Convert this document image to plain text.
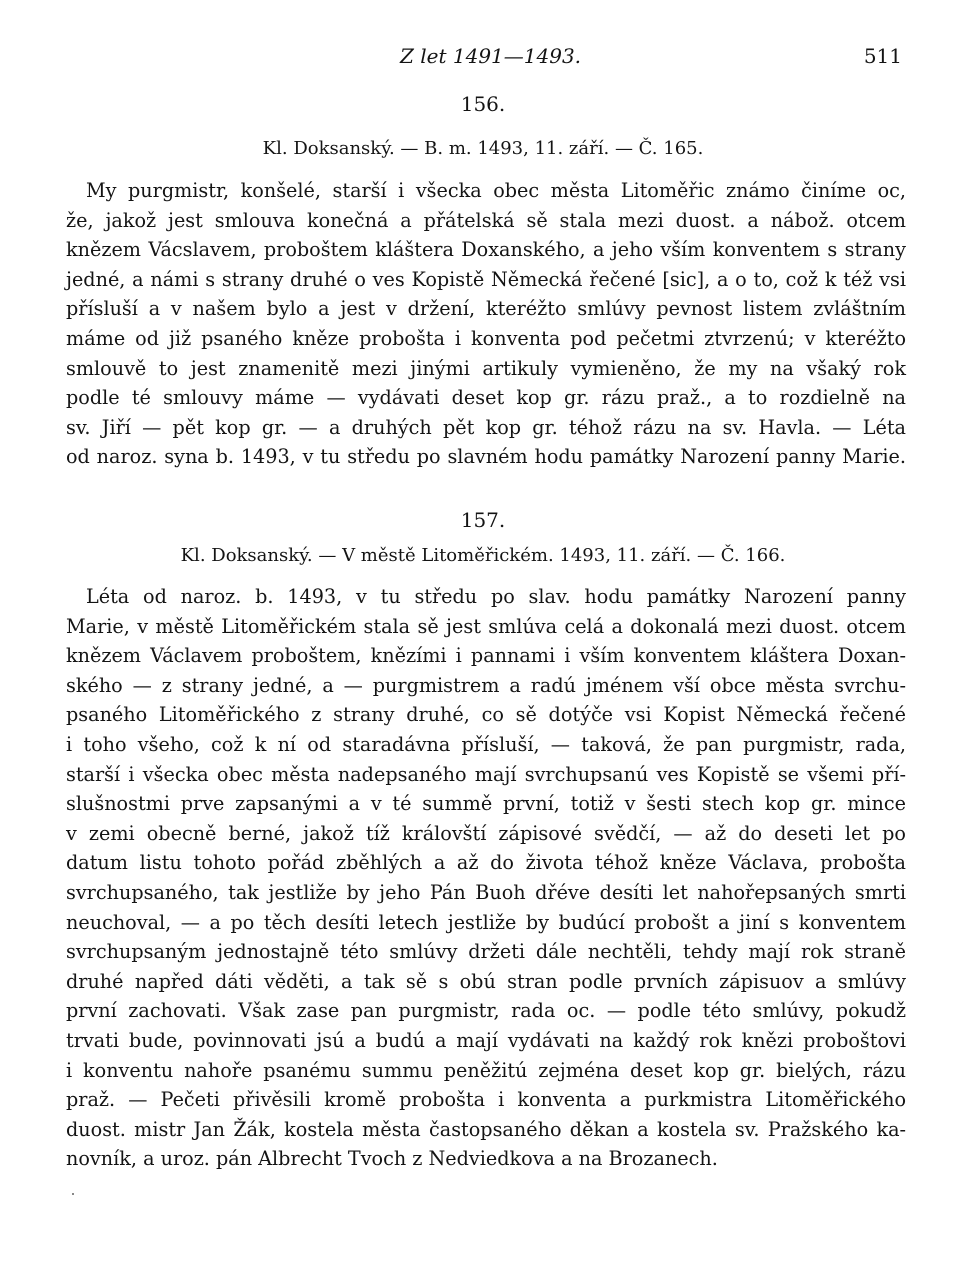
Z let 1491—1493.	511
156.
Kl. Doksanský. — B. m. 1493, 11. září. — Č. 165.
My purgmistr, konšelé, starší i všecka obec města Litoměřic známo činíme oc,
že, jakož jest smlouva konečná a přátelská sě stala mezi duost. a nábož. otcem
knězem Vácslavem, proboštem kláštera Doxanského, a jeho vším konventem s strany
jedné, a námi s strany druhé o ves Kopistě Německá řečené [sic], a o to, což k též vsi
přísluší a v našem bylo a jest v držení, kteréžto smlúvy pevnost listem zvláštním
máme od již psaného kněze probošta i konventa pod pečetmi ztvrzenú; v kteréžto
smlouvě to jest znamenitě mezi jinými artikuly vymieněno, že my na všaký rok
podle té smlouvy máme — vydávati deset kop gr. rázu praž., a to rozdielně na
sv. Jiří — pět kop gr. — a druhých pět kop gr. téhož rázu na sv. Havla. — Léta
od naroz. syna b. 1493, v tu středu po slavném hodu památky Narození panny Marie.
157.
Kl. Doksanský. — V městě Litoměřickém. 1493, 11. září. — Č. 166.
Léta od naroz. b. 1493, v tu středu po slav. hodu památky Narození panny
Marie, v městě Litoměřickém stala sě jest smlúva celá a dokonalá mezi duost. otcem
knězem Václavem proboštem, knězími i pannami i vším konventem kláštera Doxan-
ského — z strany jedné, a — purgmistrem a radú jménem vší obce města svrchu-
psaného Litoměřického z strany druhé, co sě dotýče vsi Kopist Německá řečené
i toho všeho, což k ní od staradávna přísluší, — taková, že pan purgmistr, rada,
starší i všecka obec města nadepsaného mají svrchupsanú ves Kopistě se všemi pří-
slušnostmi prve zapsanými a v té summě první, totiž v šesti stech kop gr. mince
v zemi obecně berné, jakož tíž královští zápisové svědčí, — až do deseti let po
datum listu tohoto pořád zběhlých a až do života téhož kněze Václava, probošta
svrchupsaného, tak jestliže by jeho Pán Buoh dřéve desíti let nahořepsaných smrti
neuchoval, — a po těch desíti letech jestliže by budúcí probošt a jiní s konventem
svrchupsaným jednostajně této smlúvy držeti dále nechtěli, tehdy mají rok straně
druhé napřed dáti věděti, a tak sě s obú stran podle prvních zápisuov a smlúvy
první zachovati. Však zase pan purgmistr, rada oc. — podle této smlúvy, pokudž
trvati bude, povinnovati jsú a budú a mají vydávati na každý rok knězi proboštovi
i konventu nahoře psanému summu peněžitú zejména deset kop gr. bielých, rázu
praž. — Pečeti přivěsili kromě probošta i konventa a purkmistra Litoměřického
duost. mistr Jan Žák, kostela města častopsaného děkan a kostela sv. Pražského ka-
novník, a uroz. pán Albrecht Tvoch z Nedviedkova a na Brozanech.
